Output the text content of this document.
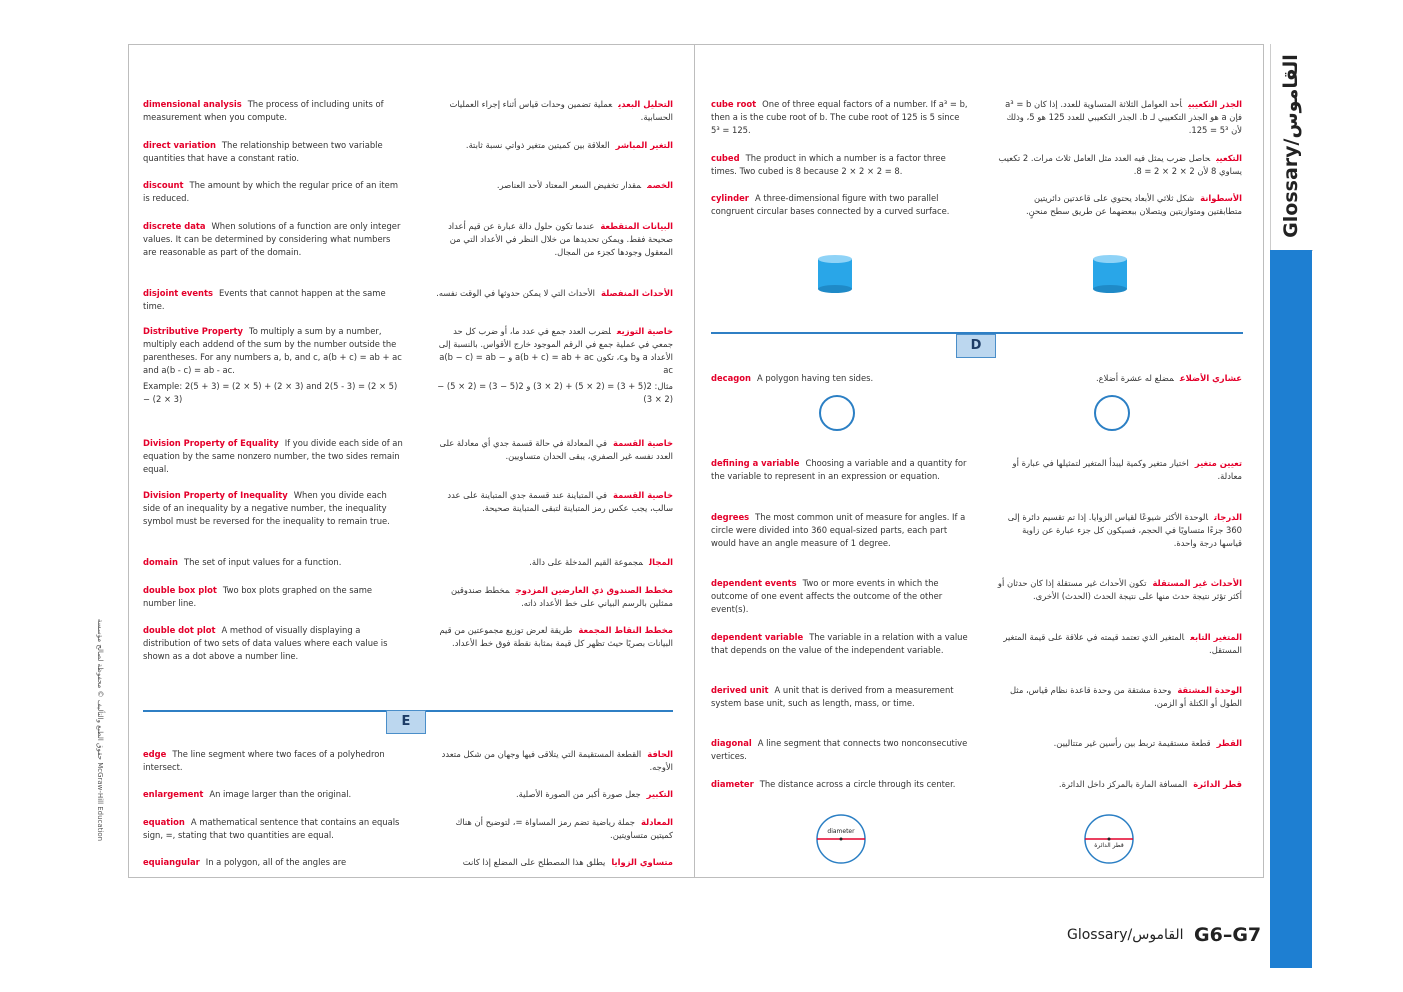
Glossary/القاموس
Glossary/القاموس G6–G7
حقوق الطبع والتأليف © محفوظة لصالح مؤسسة McGraw-Hill Education
E
D
diameter
قطر الدائرة
dimensional analysis The process of including units of measurement when you compute.
التحليل البعديعملية تضمين وحدات قياس أثناء إجراء العمليات الحسابية.
direct variation The relationship between two variable quantities that have a constant ratio.
التغير المباشرالعلاقة بين كميتين متغير ذواتي نسبة ثابتة.
discount The amount by which the regular price of an item is reduced.
الخصممقدار تخفيض السعر المعتاد لأحد العناصر.
discrete data When solutions of a function are only integer values. It can be determined by considering what numbers are reasonable as part of the domain.
البيانات المتقطعةعندما تكون حلول دالة عبارة عن قيم أعداد صحيحة فقط. ويمكن تحديدها من خلال النظر في الأعداد التي من المعقول وجودها كجزء من المجال.
disjoint events Events that cannot happen at the same time.
الأحداث المنفصلةالأحداث التي لا يمكن حدوثها في الوقت نفسه.
Distributive Property To multiply a sum by a number, multiply each addend of the sum by the number outside the parentheses. For any numbers a, b, and c, a(b + c) = ab + ac and a(b - c) = ab - ac.
Example: 2(5 + 3) = (2 × 5) + (2 × 3) and 2(5 - 3) = (2 × 5) − (2 × 3)
خاصية التوزيعلضرب العدد جمع في عدد ما، أو ضرب كل حد جمعي في عملية جمع في الرقم الموجود خارج الأقواس. بالنسبة إلى الأعداد a وb وc، تكون a(b + c) = ab + ac و a(b − c) = ab − ac
مثال: 2(5 + 3) = (2 × 5) + (2 × 3) و 2(5 − 3) = (2 × 5) − (2 × 3)
Division Property of Equality If you divide each side of an equation by the same nonzero number, the two sides remain equal.
خاصية القسمةفي المعادلة في حالة قسمة جدي أي معادلة على العدد نفسه غير الصفري، يبقى الحدان متساويين.
Division Property of Inequality When you divide each side of an inequality by a negative number, the inequality symbol must be reversed for the inequality to remain true.
خاصية القسمةفي المتباينة عند قسمة جدي المتباينة على عدد سالب، يجب عكس رمز المتباينة لتبقى المتباينة صحيحة.
domain The set of input values for a function.	المجالمجموعة القيم المدخلة على دالة.
double box plot Two box plots graphed on the same number line.
مخطط الصندوق ذي العارضين المزدوجمخطط صندوقين ممثلين بالرسم البياني على خط الأعداد ذاته.
double dot plot A method of visually displaying a distribution of two sets of data values where each value is shown as a dot above a number line.
مخطط النقاط المجمعةطريقة لعرض توزيع مجموعتين من قيم البيانات بصريًا حيث تظهر كل قيمة بمثابة نقطة فوق خط الأعداد.
edge The line segment where two faces of a polyhedron intersect.
الحافةالقطعة المستقيمة التي يتلاقى فيها وجهان من شكل متعدد الأوجه.
enlargement An image larger than the original.	التكبيرجعل صورة أكبر من الصورة الأصلية.
equation A mathematical sentence that contains an equals sign, =, stating that two quantities are equal.
المعادلةجملة رياضية تضم رمز المساواة =، لتوضيح أن هناك كميتين متساويتين.
equiangular In a polygon, all of the angles are	متساوي الزوايايطلق هذا المصطلح على المضلع إذا كانت
cube root One of three equal factors of a number. If a³ = b, then a is the cube root of b. The cube root of 125 is 5 since 5³ = 125.
الجذر التكعيبيأحد العوامل الثلاثة المتساوية للعدد. إذا كان a³ = b فإن a هو الجذر التكعيبي لـ b. الجذر التكعيبي للعدد 125 هو 5، وذلك لأن 5³ = 125.
cubed The product in which a number is a factor three times. Two cubed is 8 because 2 × 2 × 2 = 8.
التكعيبحاصل ضرب يمثل فيه العدد مثل العامل ثلاث مرات. 2 تكعيب يساوي 8 لأن 2 × 2 × 2 = 8.
cylinder A three-dimensional figure with two parallel congruent circular bases connected by a curved surface.
الأسطوانةشكل ثلاثي الأبعاد يحتوي على قاعدتين دائريتين متطابقتين ومتوازيتين ويتصلان ببعضهما عن طريق سطح منحنٍ.
decagon A polygon having ten sides.	عشاري الأضلاعمضلع له عشرة أضلاع.
defining a variable Choosing a variable and a quantity for the variable to represent in an expression or equation.
تعيين متغيراختيار متغير وكمية ليبدأ المتغير لتمثيلها في عبارة أو معادلة.
degrees The most common unit of measure for angles. If a circle were divided into 360 equal-sized parts, each part would have an angle measure of 1 degree.
الدرجاتالوحدة الأكثر شيوعًا لقياس الزوايا. إذا تم تقسيم دائرة إلى 360 جزءًا متساويًا في الحجم، فسيكون كل جزء عبارة عن زاوية قياسها درجة واحدة.
dependent events Two or more events in which the outcome of one event affects the outcome of the other event(s).
الأحداث غير المستقلةتكون الأحداث غير مستقلة إذا كان حدثان أو أكثر تؤثر نتيجة حدث منها على نتيجة الحدث (الحدث) الأخرى.
dependent variable The variable in a relation with a value that depends on the value of the independent variable.
المتغير التابعالمتغير الذي تعتمد قيمته في علاقة على قيمة المتغير المستقل.
derived unit A unit that is derived from a measurement system base unit, such as length, mass, or time.
الوحدة المشتقةوحدة مشتقة من وحدة قاعدة نظام قياس، مثل الطول أو الكتلة أو الزمن.
diagonal A line segment that connects two nonconsecutive vertices.
القطرقطعة مستقيمة تربط بين رأسين غير متتاليين.
diameter The distance across a circle through its center.	قطر الدائرةالمسافة المارة بالمركز داخل الدائرة.
